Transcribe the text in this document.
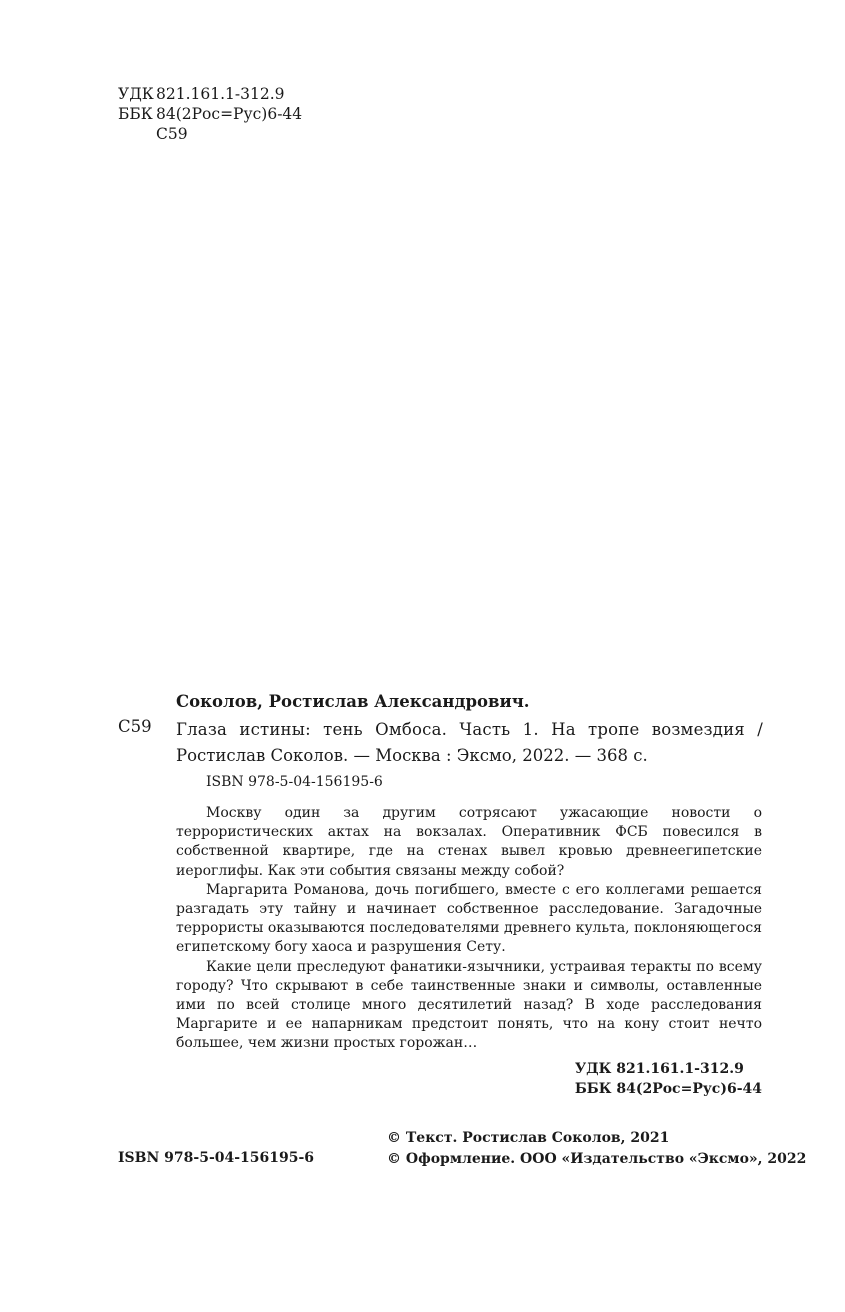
УДК 821.161.1-312.9
ББК 84(2Рос=Рус)6-44
С59
Соколов, Ростислав Александрович.
С59 Глаза истины: тень Омбоса. Часть 1. На тропе возмездия /
Ростислав Соколов. — Москва : Эксмо, 2022. — 368 с.
ISBN 978-5-04-156195-6

Москву один за другим сотрясают ужасающие новости о террористических актах на вокзалах. Оперативник ФСБ повесился в собственной квартире, где на стенах вывел кровью древнеегипетские иероглифы. Как эти события связаны между собой?

Маргарита Романова, дочь погибшего, вместе с его коллегами решается разгадать эту тайну и начинает собственное расследование. Загадочные террористы оказываются последователями древнего культа, поклоняющегося египетскому богу хаоса и разрушения Сету.

Какие цели преследуют фанатики-язычники, устраивая теракты по всему городу? Что скрывают в себе таинственные знаки и символы, оставленные ими по всей столице много десятилетий назад? В ходе расследования Маргарите и ее напарникам предстоит понять, что на кону стоит нечто большее, чем жизни простых горожан…

УДК 821.161.1-312.9
ББК 84(2Рос=Рус)6-44
ISBN 978-5-04-156195-6
© Текст. Ростислав Соколов, 2021
© Оформление. ООО «Издательство «Эксмо», 2022
